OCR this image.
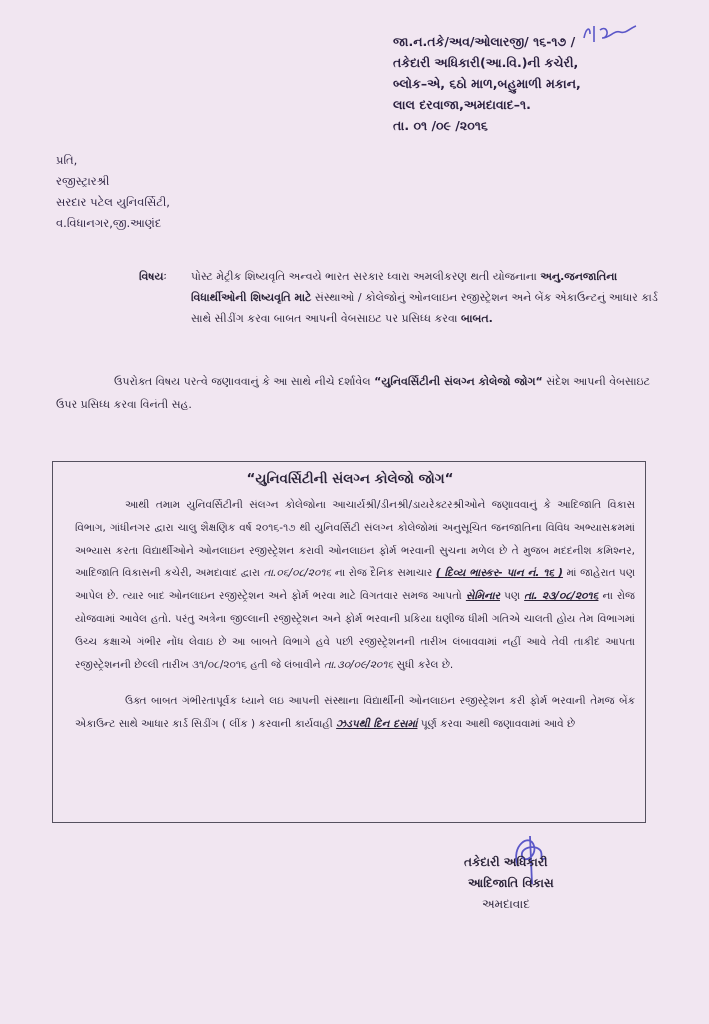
જા.ન.તકે/અવ/ઓલારજી/ ૧૬-૧૭ /
તકેદારી અધિકારી(આ.વિ.)ની કચેરી,
બ્લોક–એ, ૬ઠો માળ,બહુમાળી મકાન,
લાલ દરવાજા,અમદાવાદ–૧.
તા. ૦૧ /૦૯ /૨૦૧૬
પ્રતિ,
રજીસ્ટ્રારશ્રી
સરદાર પટેલ યુનિવર્સિટી,
વ.વિધાનગર,જી.આણંદ
વિષયઃ	પોસ્ટ મેટ્રીક શિષ્યવૃતિ અન્વયે ભારત સરકાર ધ્વારા અમલીકરણ થતી યોજનાના અનુ.જનજાતિના વિધાર્થીઓની શિષ્યવૃતિ માટે સંસ્થાઓ / કોલેજોનું ઓનલાઇન રજીસ્ટ્રેશન અને બેંક એકાઉન્ટનું આધાર કાર્ડ સાથે સીડીંગ કરવા બાબત આપની વેબસાઇટ પર પ્રસિધ્ધ કરવા બાબત.
ઉપરોક્ત વિષય પરત્વે જણાવવાનું કે આ સાથે નીચે દર્શાવેલ “યુનિવર્સિટીની સંલગ્ન કોલેજો જોગ“ સંદેશ આપની વેબસાઇટ ઉપર પ્રસિધ્ધ કરવા વિનંતી સહ.
“યુનિવર્સિટીની સંલગ્ન કોલેજો જોગ“

આથી તમામ યુનિવર્સિટીની સંલગ્ન કોલેજોના આચાર્યશ્રી/ડીનશ્રી/ડાયરેક્ટરશ્રીઓને જણાવવાનું કે આદિજાતિ વિકાસ વિભાગ, ગાંધીનગર દ્વારા ચાલુ શૈક્ષણિક વર્ષ ૨૦૧૬-૧૭ થી યુનિવર્સિટી સંલગ્ન કોલેજોમાં અનુસૂચિત જનજાતિના વિવિધ અભ્યાસક્રમમાં અભ્યાસ કરતા વિદ્યાર્થીઓને ઓનલાઇન રજીસ્ટ્રેશન કરાવી ઓનલાઇન ફોર્મ ભરવાની સુચના મળેલ છે તે મુજબ મદદનીશ કમિશ્નર, આદિજાતિ વિકાસની કચેરી, અમદાવાદ દ્વારા તા.૦૬/૦૮/૨૦૧૬ ના રોજ દૈનિક સમાચાર ( દિવ્ય ભાસ્કર- પાન નં. ૧૬ ) માં જાહેરાત પણ આપેલ છે. ત્યાર બાદ ઓનલાઇન રજીસ્ટ્રેશન અને ફોર્મ ભરવા માટે વિગતવાર સમજ આપતો સેમિનાર પણ તા. ૨૩/૦૮/૨૦૧૬ ના રોજ યોજવામાં આવેલ હતો. પરંતુ અત્રેના જીલ્લાની રજીસ્ટ્રેશન અને ફોર્મ ભરવાની પ્રકિયા ઘણીજ ધીમી ગતિએ ચાલતી હોય તેમ વિભાગમાં ઉચ્ચ કક્ષાએ ગંભીર નોંધ લેવાઇ છે આ બાબતે વિભાગે હવે પછી રજીસ્ટ્રેશનની તારીખ લંબાવવામાં નહીં આવે તેવી તાકીદ આપતા રજીસ્ટ્રેશનની છેલ્લી તારીખ ૩૧/૦૮/૨૦૧૬ હતી જે લંબાવીને તા.૩૦/૦૯/૨૦૧૬ સુધી કરેલ છે.

ઉક્ત બાબત ગંભીરતાપૂર્વક ધ્યાને લઇ આપની સંસ્થાના વિદ્યાર્થીની ઓનલાઇન રજીસ્ટ્રેશન કરી ફોર્મ ભરવાની તેમજ બેંક એકાઉન્ટ સાથે આધાર કાર્ડ સિડીંગ ( લીંક ) કરવાની કાર્યવાહી ઝડપથી દિન દસમાં પૂર્ણ કરવા આથી જણાવવામાં આવે છે

તકેદારી અધિકારી
આદિજાતિ વિકાસ
અમદાવાદ
